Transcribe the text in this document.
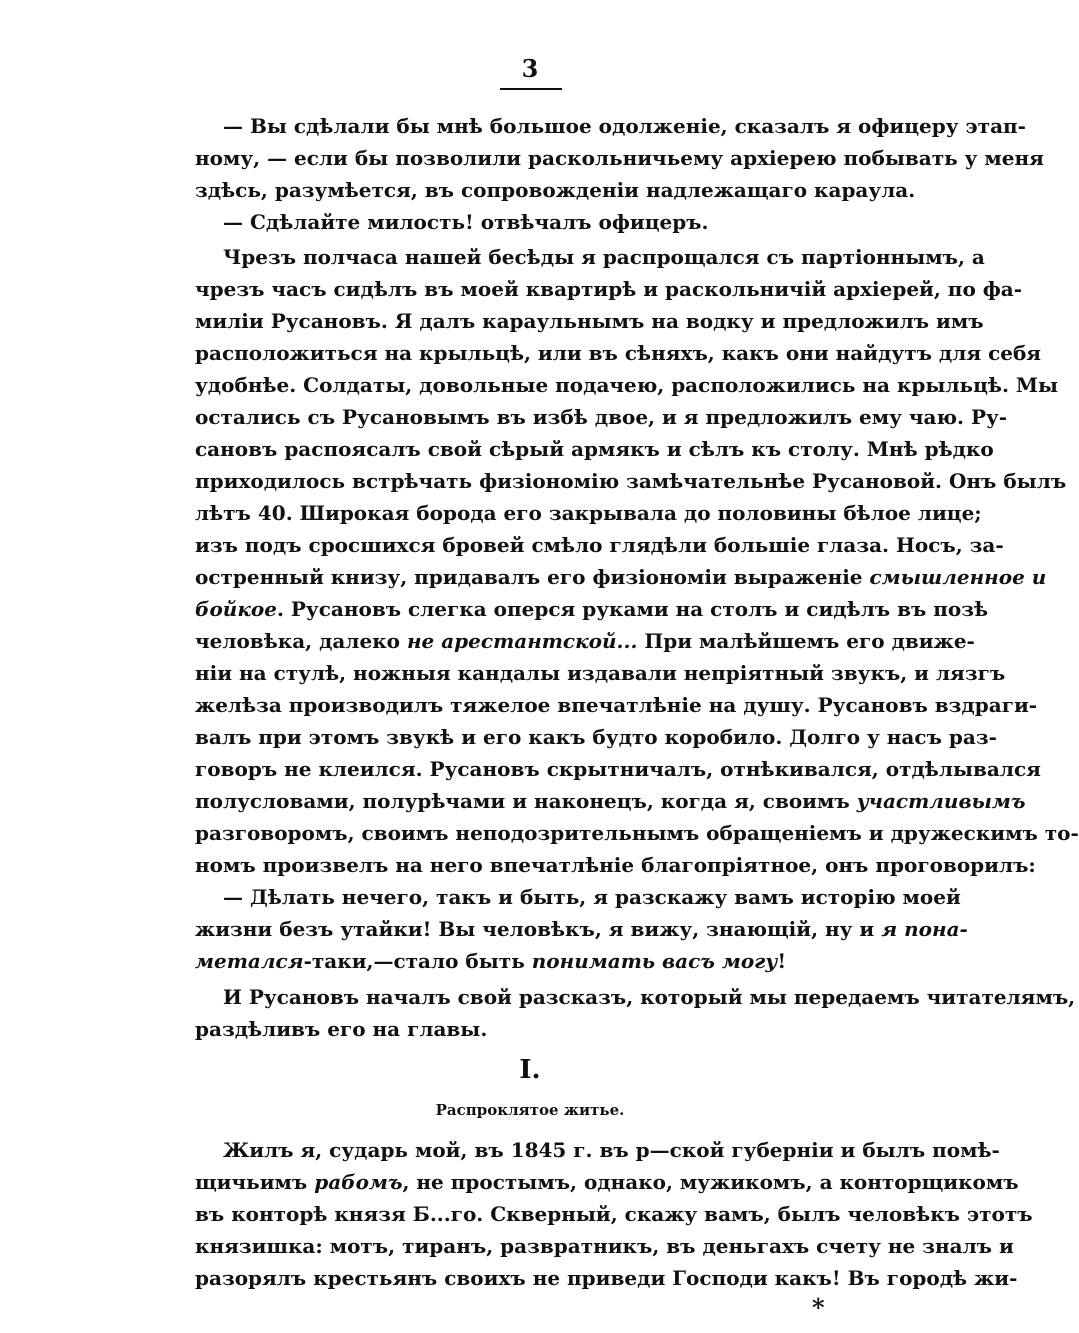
3
— Вы сдѣлали бы мнѣ большое одолженіе, сказалъ я офицеру этап-
ному, — если бы позволили раскольничьему архіерею побывать у меня
здѣсь, разумѣется, въ сопровожденіи надлежащаго караула.
— Сдѣлайте милость! отвѣчалъ офицеръ.
Чрезъ полчаса нашей бесѣды я распрощался съ партіоннымъ, а
чрезъ часъ сидѣлъ въ моей квартирѣ и раскольничій архіерей, по фа-
миліи Русановъ. Я далъ караульнымъ на водку и предложилъ имъ
расположиться на крыльцѣ, или въ сѣняхъ, какъ они найдутъ для себя
удобнѣе. Солдаты, довольные подачею, расположились на крыльцѣ. Мы
остались съ Русановымъ въ избѣ двое, и я предложилъ ему чаю. Ру-
сановъ распоясалъ свой сѣрый армякъ и сѣлъ къ столу. Мнѣ рѣдко
приходилось встрѣчать физіономію замѣчательнѣе Русановой. Онъ былъ
лѣтъ 40. Широкая борода его закрывала до половины бѣлое лице;
изъ подъ сросшихся бровей смѣло глядѣли большіе глаза. Носъ, за-
остренный книзу, придавалъ его физіономіи выраженіе смышленное и
бойкое. Русановъ слегка оперся руками на столъ и сидѣлъ въ позѣ
человѣка, далеко не арестантской... При малѣйшемъ его движе-
ніи на стулѣ, ножныя кандалы издавали непріятный звукъ, и лязгъ
желѣза производилъ тяжелое впечатлѣніе на душу. Русановъ вздраги-
валъ при этомъ звукѣ и его какъ будто коробило. Долго у насъ раз-
говоръ не клеился. Русановъ скрытничалъ, отнѣкивался, отдѣлывался
полусловами, полурѣчами и наконецъ, когда я, своимъ участливымъ
разговоромъ, своимъ неподозрительнымъ обращеніемъ и дружескимъ то-
номъ произвелъ на него впечатлѣніе благопріятное, онъ проговорилъ:
— Дѣлать нечего, такъ и быть, я разскажу вамъ исторію моей
жизни безъ утайки! Вы человѣкъ, я вижу, знающій, ну и я пона-
метался-таки,—стало быть понимать васъ могу!
И Русановъ началъ свой разсказъ, который мы передаемъ читателямъ,
раздѣливъ его на главы.
I.
Распроклятое житье.
Жилъ я, сударь мой, въ 1845 г. въ р—ской губерніи и былъ помѣ-
щичьимъ рабомъ, не простымъ, однако, мужикомъ, а конторщикомъ
въ конторѣ князя Б...го. Скверный, скажу вамъ, былъ человѣкъ этотъ
князишка: мотъ, тиранъ, развратникъ, въ деньгахъ счету не зналъ и
разорялъ крестьянъ своихъ не приведи Господи какъ! Въ городѣ жи-
*
